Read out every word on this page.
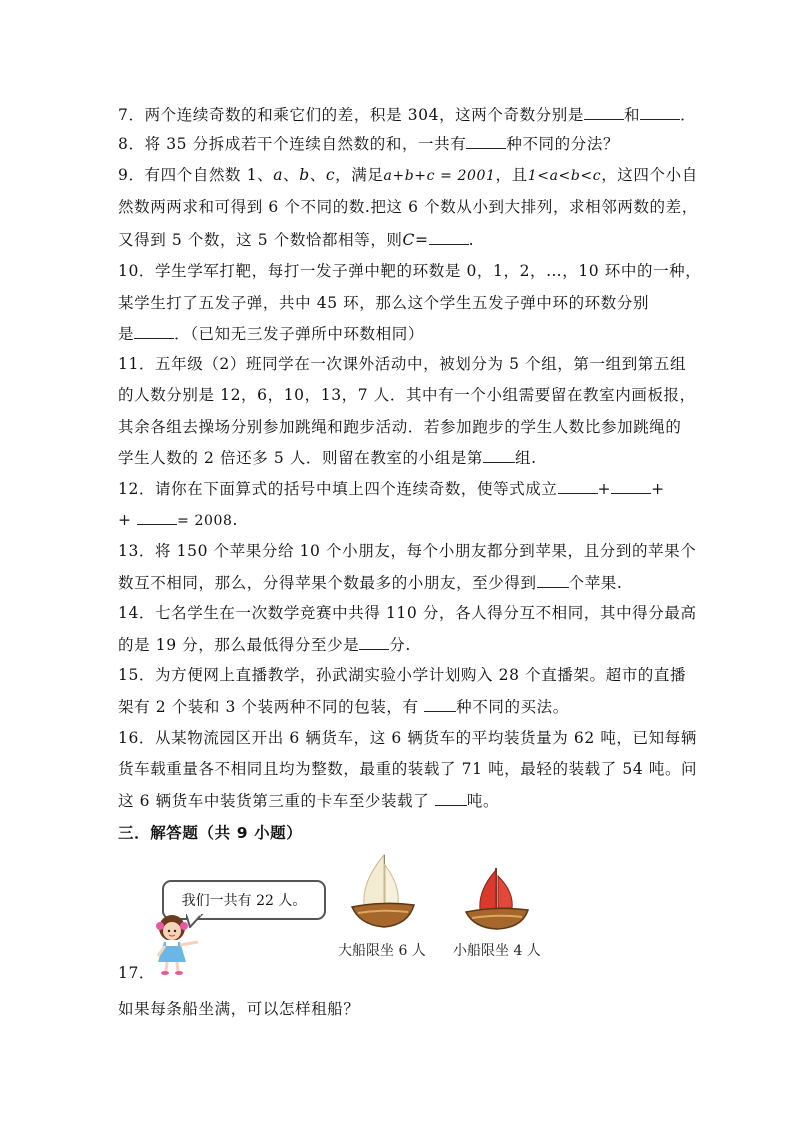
7．两个连续奇数的和乘它们的差，积是 304，这两个奇数分别是	和	．
8．将 35 分拆成若干个连续自然数的和，一共有	种不同的分法？
9．有四个自然数 1、a、b、c，满足a+b+c = 2001，且1<a<b<c，这四个小自
然数两两求和可得到 6 个不同的数.把这 6 个数从小到大排列，求相邻两数的差，
又得到 5 个数，这 5 个数恰都相等，则C=	.
10．学生学军打靶，每打一发子弹中靶的环数是 0，1，2，…，10 环中的一种，
某学生打了五发子弹，共中 45 环，那么这个学生五发子弹中环的环数分别
是	．（已知无三发子弹所中环数相同）
11．五年级（2）班同学在一次课外活动中，被划分为 5 个组，第一组到第五组
的人数分别是 12，6，10，13，7 人．其中有一个小组需要留在教室内画板报，
其余各组去操场分别参加跳绳和跑步活动．若参加跑步的学生人数比参加跳绳的
学生人数的 2 倍还多 5 人．则留在教室的小组是第 组.
12．请你在下面算式的括号中填上四个连续奇数，使等式成立	+	+
+	= 2008.
13．将 150 个苹果分给 10 个小朋友，每个小朋友都分到苹果，且分到的苹果个
数互不相同，那么，分得苹果个数最多的小朋友，至少得到 个苹果.
14．七名学生在一次数学竞赛中共得 110 分，各人得分互不相同，其中得分最高
的是 19 分，那么最低得分至少是 分.
15．为方便网上直播教学，孙武湖实验小学计划购入 28 个直播架。超市的直播
架有 2 个装和 3 个装两种不同的包装，有 种不同的买法。
16．从某物流园区开出 6 辆货车，这 6 辆货车的平均装货量为 62 吨，已知每辆
货车载重量各不相同且均为整数，最重的装载了 71 吨，最轻的装载了 54 吨。问
这 6 辆货车中装货第三重的卡车至少装载了 吨。
三．解答题（共 9 小题）
我们一共有 22 人。
大船限坐 6 人 小船限坐 4 人
17．
如果每条船坐满，可以怎样租船？
